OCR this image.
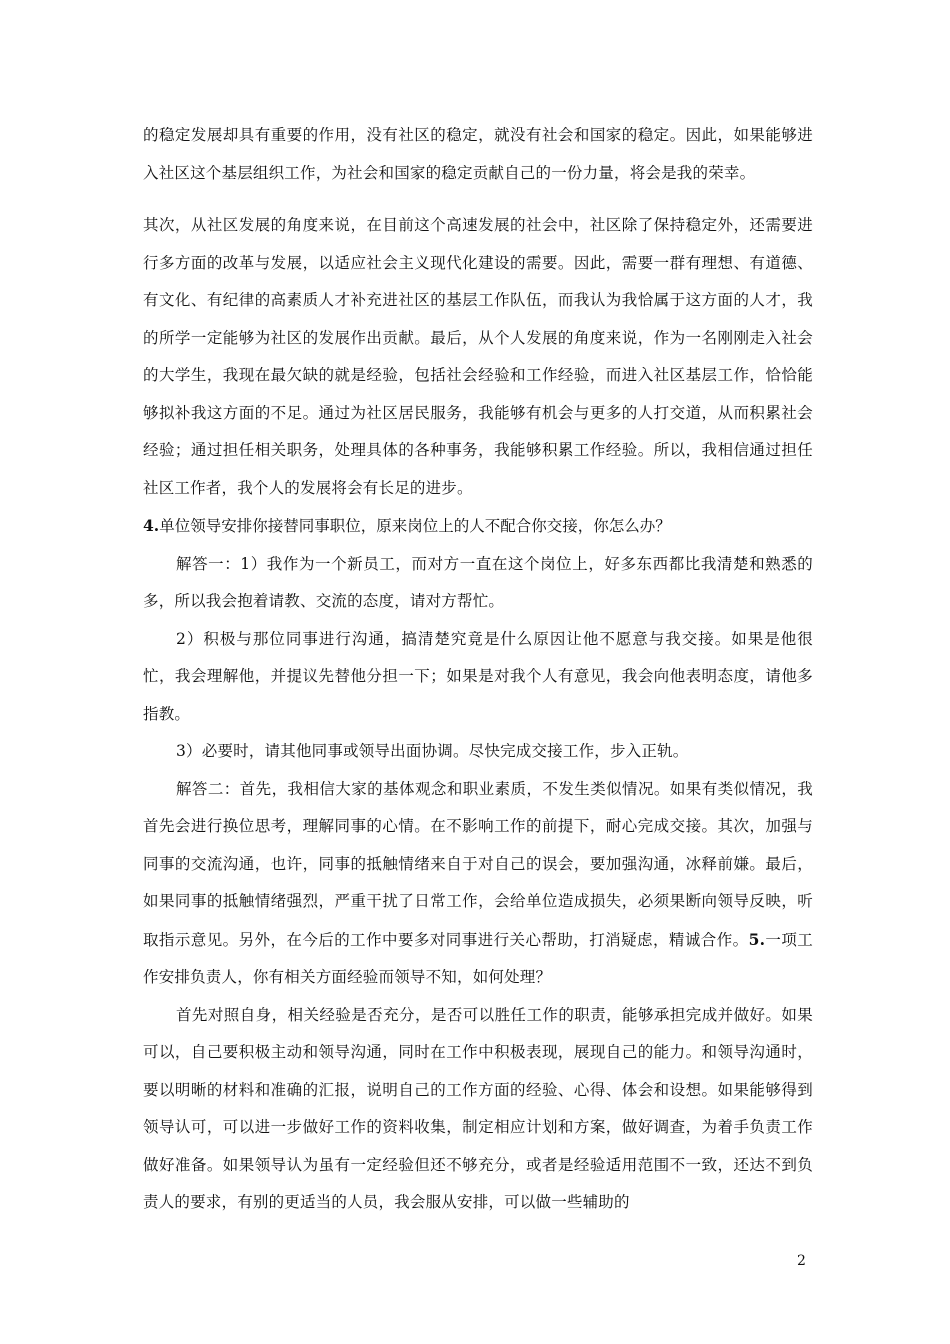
的稳定发展却具有重要的作用，没有社区的稳定，就没有社会和国家的稳定。因此，如果能够进入社区这个基层组织工作，为社会和国家的稳定贡献自己的一份力量，将会是我的荣幸。

其次，从社区发展的角度来说，在目前这个高速发展的社会中，社区除了保持稳定外，还需要进行多方面的改革与发展，以适应社会主义现代化建设的需要。因此，需要一群有理想、有道德、有文化、有纪律的高素质人才补充进社区的基层工作队伍，而我认为我恰属于这方面的人才，我的所学一定能够为社区的发展作出贡献。最后，从个人发展的角度来说，作为一名刚刚走入社会的大学生，我现在最欠缺的就是经验，包括社会经验和工作经验，而进入社区基层工作，恰恰能够拟补我这方面的不足。通过为社区居民服务，我能够有机会与更多的人打交道，从而积累社会经验；通过担任相关职务，处理具体的各种事务，我能够积累工作经验。所以，我相信通过担任社区工作者，我个人的发展将会有长足的进步。

4.单位领导安排你接替同事职位，原来岗位上的人不配合你交接，你怎么办？

解答一：1）我作为一个新员工，而对方一直在这个岗位上，好多东西都比我清楚和熟悉的多，所以我会抱着请教、交流的态度，请对方帮忙。

2）积极与那位同事进行沟通，搞清楚究竟是什么原因让他不愿意与我交接。如果是他很忙，我会理解他，并提议先替他分担一下；如果是对我个人有意见，我会向他表明态度，请他多指教。

3）必要时，请其他同事或领导出面协调。尽快完成交接工作，步入正轨。

解答二：首先，我相信大家的基体观念和职业素质，不发生类似情况。如果有类似情况，我首先会进行换位思考，理解同事的心情。在不影响工作的前提下，耐心完成交接。其次，加强与同事的交流沟通，也许，同事的抵触情绪来自于对自己的误会，要加强沟通，冰释前嫌。最后，如果同事的抵触情绪强烈，严重干扰了日常工作，会给单位造成损失，必须果断向领导反映，听取指示意见。另外，在今后的工作中要多对同事进行关心帮助，打消疑虑，精诚合作。5.一项工作安排负责人，你有相关方面经验而领导不知，如何处理？

首先对照自身，相关经验是否充分，是否可以胜任工作的职责，能够承担完成并做好。如果可以，自己要积极主动和领导沟通，同时在工作中积极表现，展现自己的能力。和领导沟通时，要以明晰的材料和准确的汇报，说明自己的工作方面的经验、心得、体会和设想。如果能够得到领导认可，可以进一步做好工作的资料收集，制定相应计划和方案，做好调查，为着手负责工作做好准备。如果领导认为虽有一定经验但还不够充分，或者是经验适用范围不一致，还达不到负责人的要求，有别的更适当的人员，我会服从安排，可以做一些辅助的

2
